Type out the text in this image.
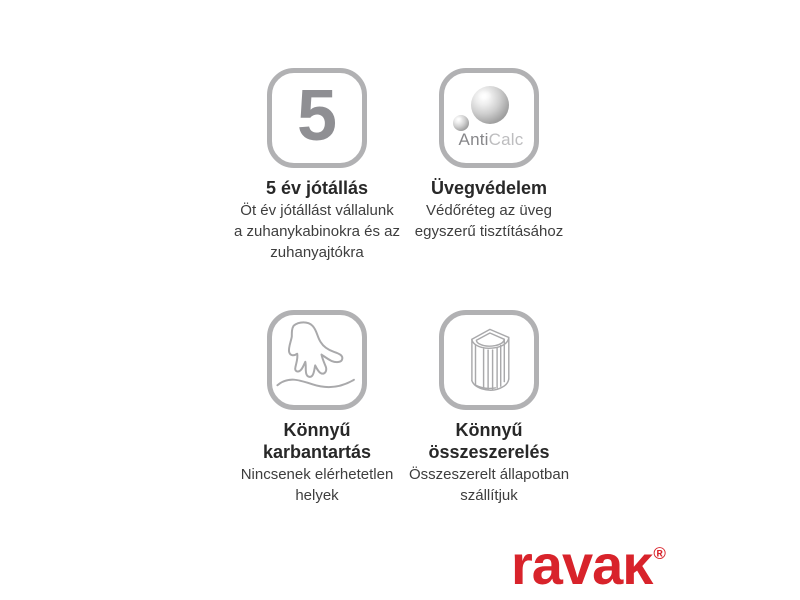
5
5 év jótállás

Öt év jótállást vállalunk
a zuhanykabinokra és az
zuhanyajtókra

AntiCalc
Üvegvédelem

Védőréteg az üveg
egyszerű tisztításához

Könnyű
karbantartás

Nincsenek elérhetetlen
helyek

Könnyű
összeszerelés

Összeszerelt állapotban
szállítjuk

ravaĸ®
